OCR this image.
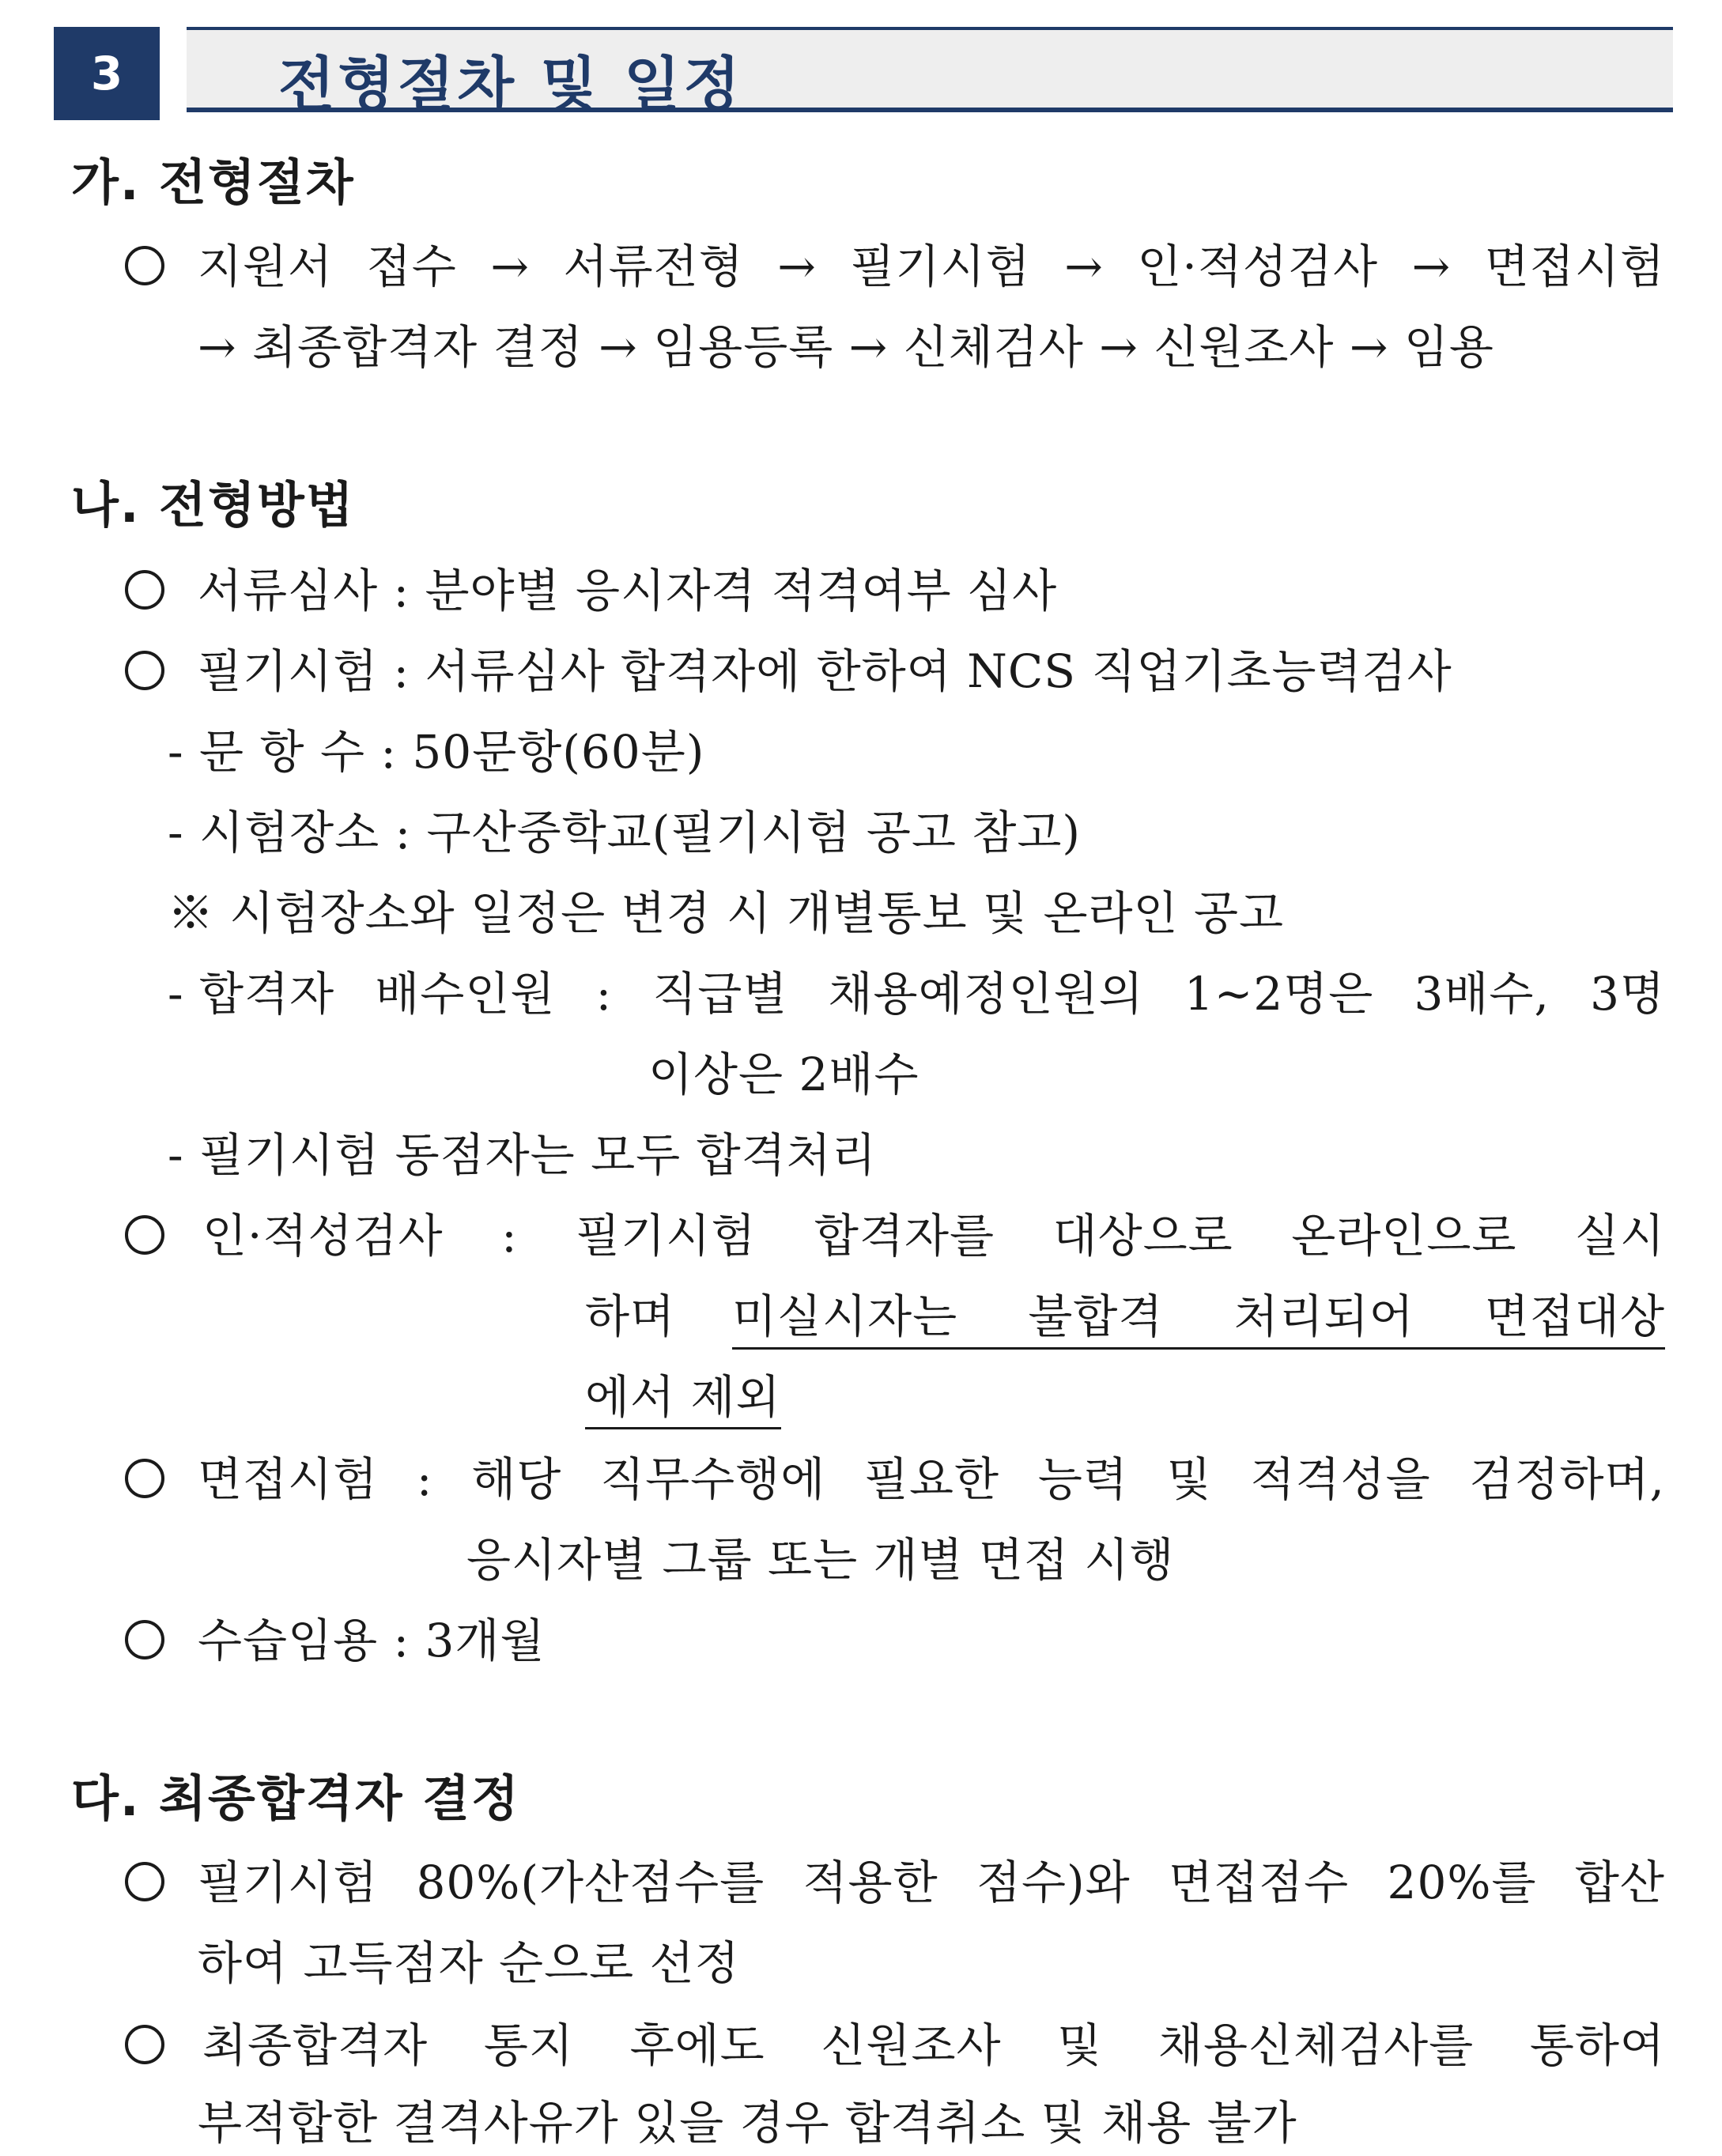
3	전형절차 및 일정
가. 전형절차
지원서 접수 → 서류전형 → 필기시험 → 인·적성검사 → 면접시험
→ 최종합격자 결정 → 임용등록 → 신체검사 → 신원조사 → 임용
나. 전형방법
서류심사 : 분야별 응시자격 적격여부 심사
필기시험 : 서류심사 합격자에 한하여 NCS 직업기초능력검사
- 문 항 수 : 50문항(60분)
- 시험장소 : 구산중학교(필기시험 공고 참고)
※ 시험장소와 일정은 변경 시 개별통보 및 온라인 공고
- 합격자 배수인원 : 직급별 채용예정인원의 1~2명은 3배수, 3명
이상은 2배수
- 필기시험 동점자는 모두 합격처리
인·적성검사 : 필기시험 합격자를 대상으로 온라인으로 실시
하며 미실시자는 불합격 처리되어 면접대상
에서 제외
면접시험 : 해당 직무수행에 필요한 능력 및 적격성을 검정하며,
응시자별 그룹 또는 개별 면접 시행
수습임용 : 3개월
다. 최종합격자 결정
필기시험 80%(가산점수를 적용한 점수)와 면접점수 20%를 합산
하여 고득점자 순으로 선정
최종합격자 통지 후에도 신원조사 및 채용신체검사를 통하여
부적합한 결격사유가 있을 경우 합격취소 및 채용 불가
